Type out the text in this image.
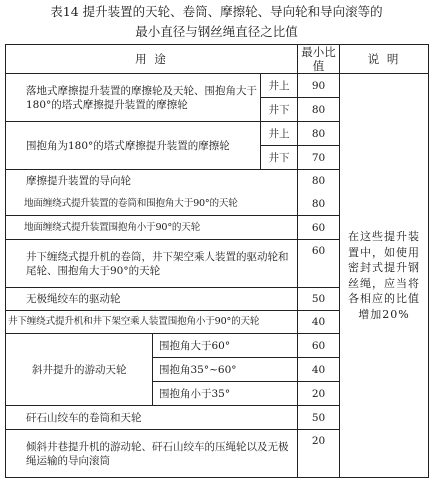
表14 提升装置的天轮、卷筒、摩擦轮、导向轮和导向滚等的
最小直径与钢丝绳直径之比值
用 途			最小比值	说 明
落地式摩擦提升装置的摩擦轮及天轮、围抱角大于180°的塔式摩擦提升装置的摩擦轮		井上	90	在这些提升装置中，如使用密封式提升钢丝绳，应当将各相应的比值增加20%
		井下	80	
围抱角为180°的塔式摩擦提升装置的摩擦轮		井上	80	
		井下	70	
摩擦提升装置的导向轮			80	
地面缠绕式提升装置的卷筒和围抱角大于90°的天轮			80	
地面缠绕式提升装置围抱角小于90°的天轮			60	
井下缠绕式提升机的卷筒，井下架空乘人装置的驱动轮和尾轮、围抱角大于90°的天轮			60	
无极绳绞车的驱动轮			50	
井下缠绕式提升机和井下架空乘人装置围抱角小于90°的天轮			40	
斜井提升的游动天轮	围抱角大于60°		60	
	围抱角35°~60°		40	
	围抱角小于35°		20	
矸石山绞车的卷筒和天轮			50	
倾斜井巷提升机的游动轮、矸石山绞车的压绳轮以及无极绳运输的导向滚筒			20	
